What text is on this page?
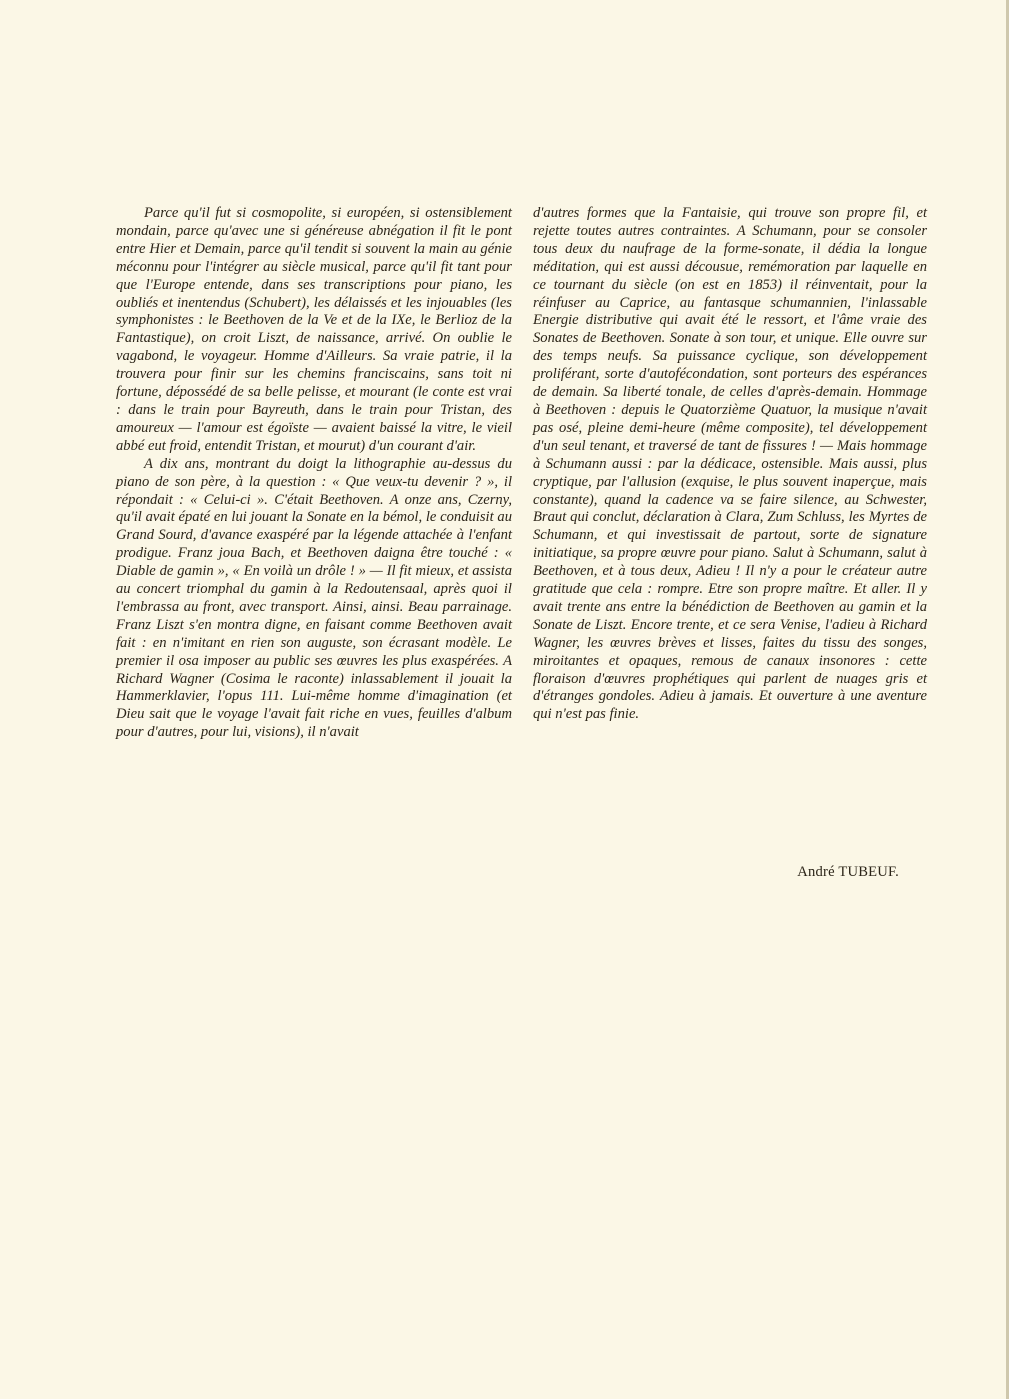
Parce qu'il fut si cosmopolite, si européen, si ostensiblement mondain, parce qu'avec une si généreuse abnégation il fit le pont entre Hier et Demain, parce qu'il tendit si souvent la main au génie méconnu pour l'intégrer au siècle musical, parce qu'il fit tant pour que l'Europe entende, dans ses transcriptions pour piano, les oubliés et inentendus (Schubert), les délaissés et les injouables (les symphonistes : le Beethoven de la Ve et de la IXe, le Berlioz de la Fantastique), on croit Liszt, de naissance, arrivé. On oublie le vagabond, le voyageur. Homme d'Ailleurs. Sa vraie patrie, il la trouvera pour finir sur les chemins franciscains, sans toit ni fortune, dépossédé de sa belle pelisse, et mourant (le conte est vrai : dans le train pour Bayreuth, dans le train pour Tristan, des amoureux — l'amour est égoïste — avaient baissé la vitre, le vieil abbé eut froid, entendit Tristan, et mourut) d'un courant d'air.

A dix ans, montrant du doigt la lithographie au-dessus du piano de son père, à la question : « Que veux-tu devenir ? », il répondait : « Celui-ci ». C'était Beethoven. A onze ans, Czerny, qu'il avait épaté en lui jouant la Sonate en la bémol, le conduisit au Grand Sourd, d'avance exaspéré par la légende attachée à l'enfant prodigue. Franz joua Bach, et Beethoven daigna être touché : « Diable de gamin », « En voilà un drôle ! » — Il fit mieux, et assista au concert triomphal du gamin à la Redoutensaal, après quoi il l'embrassa au front, avec transport. Ainsi, ainsi. Beau parrainage. Franz Liszt s'en montra digne, en faisant comme Beethoven avait fait : en n'imitant en rien son auguste, son écrasant modèle. Le premier il osa imposer au public ses œuvres les plus exaspérées. A Richard Wagner (Cosima le raconte) inlassablement il jouait la Hammerklavier, l'opus 111. Lui-même homme d'imagination (et Dieu sait que le voyage l'avait fait riche en vues, feuilles d'album pour d'autres, pour lui, visions), il n'avait

d'autres formes que la Fantaisie, qui trouve son propre fil, et rejette toutes autres contraintes. A Schumann, pour se consoler tous deux du naufrage de la forme-sonate, il dédia la longue méditation, qui est aussi décousue, remémoration par laquelle en ce tournant du siècle (on est en 1853) il réinventait, pour la réinfuser au Caprice, au fantasque schumannien, l'inlassable Energie distributive qui avait été le ressort, et l'âme vraie des Sonates de Beethoven. Sonate à son tour, et unique. Elle ouvre sur des temps neufs. Sa puissance cyclique, son développement proliférant, sorte d'autofécondation, sont porteurs des espérances de demain. Sa liberté tonale, de celles d'après-demain. Hommage à Beethoven : depuis le Quatorzième Quatuor, la musique n'avait pas osé, pleine demi-heure (même composite), tel développement d'un seul tenant, et traversé de tant de fissures ! — Mais hommage à Schumann aussi : par la dédicace, ostensible. Mais aussi, plus cryptique, par l'allusion (exquise, le plus souvent inaperçue, mais constante), quand la cadence va se faire silence, au Schwester, Braut qui conclut, déclaration à Clara, Zum Schluss, les Myrtes de Schumann, et qui investissait de partout, sorte de signature initiatique, sa propre œuvre pour piano. Salut à Schumann, salut à Beethoven, et à tous deux, Adieu ! Il n'y a pour le créateur autre gratitude que cela : rompre. Etre son propre maître. Et aller. Il y avait trente ans entre la bénédiction de Beethoven au gamin et la Sonate de Liszt. Encore trente, et ce sera Venise, l'adieu à Richard Wagner, les œuvres brèves et lisses, faites du tissu des songes, miroitantes et opaques, remous de canaux insonores : cette floraison d'œuvres prophétiques qui parlent de nuages gris et d'étranges gondoles. Adieu à jamais. Et ouverture à une aventure qui n'est pas finie.

André TUBEUF.
